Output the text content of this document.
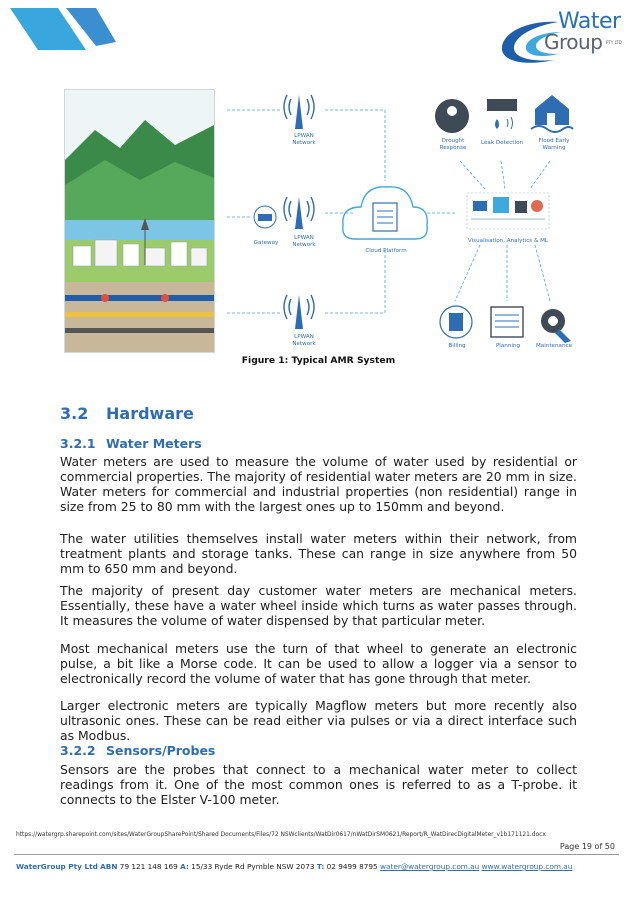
Water
Group PTY LTD
LPWAN Network
LPWAN Network
LPWAN Network
Gateway
Cloud Platform
Drought Response
Leak Detection	Flood Early Warning
Visualisation, Analytics & ML
Billing	Planning	Maintenance
Figure 1: Typical AMR System
3.2 Hardware
3.2.1 Water Meters
Water meters are used to measure the volume of water used by residential or commercial properties. The majority of residential water meters are 20 mm in size. Water meters for commercial and industrial properties (non residential) range in size from 25 to 80 mm with the largest ones up to 150mm and beyond.
The water utilities themselves install water meters within their network, from treatment plants and storage tanks. These can range in size anywhere from 50 mm to 650 mm and beyond.
The majority of present day customer water meters are mechanical meters. Essentially, these have a water wheel inside which turns as water passes through. It measures the volume of water dispensed by that particular meter.
Most mechanical meters use the turn of that wheel to generate an electronic pulse, a bit like a Morse code. It can be used to allow a logger via a sensor to electronically record the volume of water that has gone through that meter.
Larger electronic meters are typically Magflow meters but more recently also ultrasonic ones. These can be read either via pulses or via a direct interface such as Modbus.
3.2.2 Sensors/Probes
Sensors are the probes that connect to a mechanical water meter to collect readings from it. One of the most common ones is referred to as a T-probe. it connects to the Elster V-100 meter.
https://watergrp.sharepoint.com/sites/WaterGroupSharePoint/Shared Documents/Files/72 NSWclients/WatDir0617/nWatDirSM0621/Report/R_WatDirecDigitalMeter_v1b171121.docx
Page 19 of 50
WaterGroup Pty Ltd ABN 79 121 148 169 A: 15/33 Ryde Rd Pymble NSW 2073 T: 02 9499 8795 water@watergroup.com.au www.watergroup.com.au
